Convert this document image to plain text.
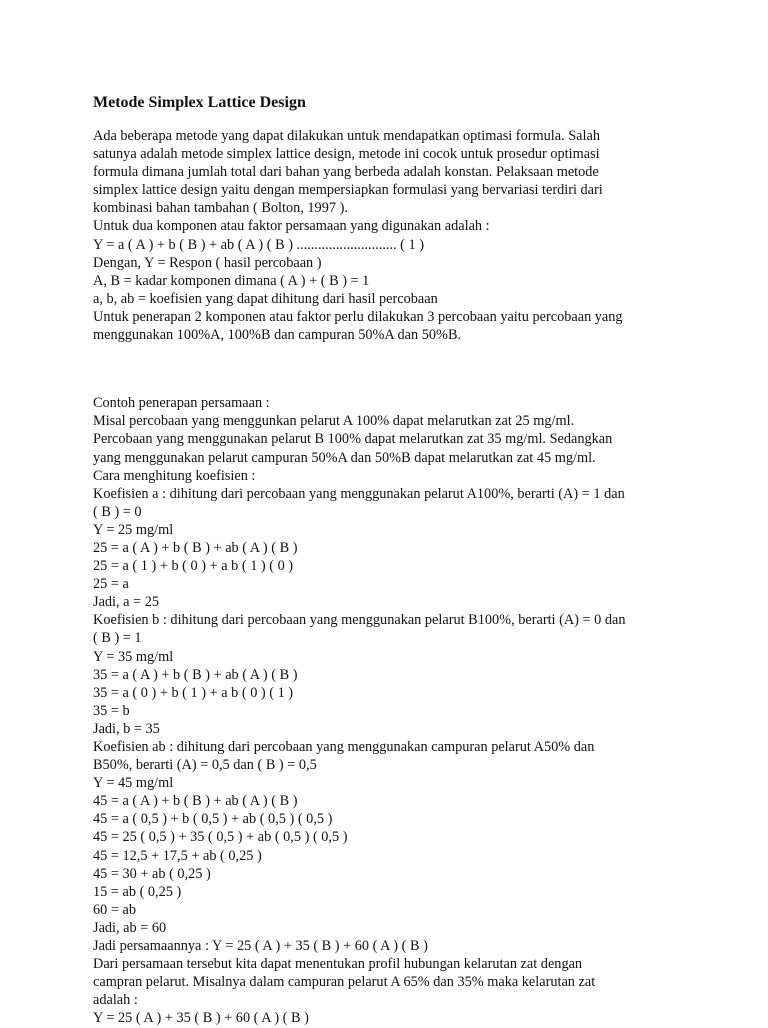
Metode Simplex Lattice Design

Ada beberapa metode yang dapat dilakukan untuk mendapatkan optimasi formula. Salah

satunya adalah metode simplex lattice design, metode ini cocok untuk prosedur optimasi

formula dimana jumlah total dari bahan yang berbeda adalah konstan. Pelaksaan metode

simplex lattice design yaitu dengan mempersiapkan formulasi yang bervariasi terdiri dari

kombinasi bahan tambahan ( Bolton, 1997 ).

Untuk dua komponen atau faktor persamaan yang digunakan adalah :

Y = a ( A ) + b ( B ) + ab ( A ) ( B ) ............................ ( 1 )

Dengan, Y = Respon ( hasil percobaan )

A, B = kadar komponen dimana ( A ) + ( B ) = 1

a, b, ab = koefisien yang dapat dihitung dari hasil percobaan

Untuk penerapan 2 komponen atau faktor perlu dilakukan 3 percobaan yaitu percobaan yang

menggunakan 100%A, 100%B dan campuran 50%A dan 50%B.

Contoh penerapan persamaan :

Misal percobaan yang menggunkan pelarut A 100% dapat melarutkan zat 25 mg/ml.

Percobaan yang menggunakan pelarut B 100% dapat melarutkan zat 35 mg/ml. Sedangkan

yang menggunakan pelarut campuran 50%A dan 50%B dapat melarutkan zat 45 mg/ml.

Cara menghitung koefisien :

Koefisien a : dihitung dari percobaan yang menggunakan pelarut A100%, berarti (A) = 1 dan

( B ) = 0

Y = 25 mg/ml

25 = a ( A ) + b ( B ) + ab ( A ) ( B )

25 = a ( 1 ) + b ( 0 ) + a b ( 1 ) ( 0 )

25 = a

Jadi, a = 25

Koefisien b : dihitung dari percobaan yang menggunakan pelarut B100%, berarti (A) = 0 dan

( B ) = 1

Y = 35 mg/ml

35 = a ( A ) + b ( B ) + ab ( A ) ( B )

35 = a ( 0 ) + b ( 1 ) + a b ( 0 ) ( 1 )

35 = b

Jadi, b = 35

Koefisien ab : dihitung dari percobaan yang menggunakan campuran pelarut A50% dan

B50%, berarti (A) = 0,5 dan ( B ) = 0,5

Y = 45 mg/ml

45 = a ( A ) + b ( B ) + ab ( A ) ( B )

45 = a ( 0,5 ) + b ( 0,5 ) + ab ( 0,5 ) ( 0,5 )

45 = 25 ( 0,5 ) + 35 ( 0,5 ) + ab ( 0,5 ) ( 0,5 )

45 = 12,5 + 17,5 + ab ( 0,25 )

45 = 30 + ab ( 0,25 )

15 = ab ( 0,25 )

60 = ab

Jadi, ab = 60

Jadi persamaannya : Y = 25 ( A ) + 35 ( B ) + 60 ( A ) ( B )

Dari persamaan tersebut kita dapat menentukan profil hubungan kelarutan zat dengan

campran pelarut. Misalnya dalam campuran pelarut A 65% dan 35% maka kelarutan zat

adalah :

Y = 25 ( A ) + 35 ( B ) + 60 ( A ) ( B )
